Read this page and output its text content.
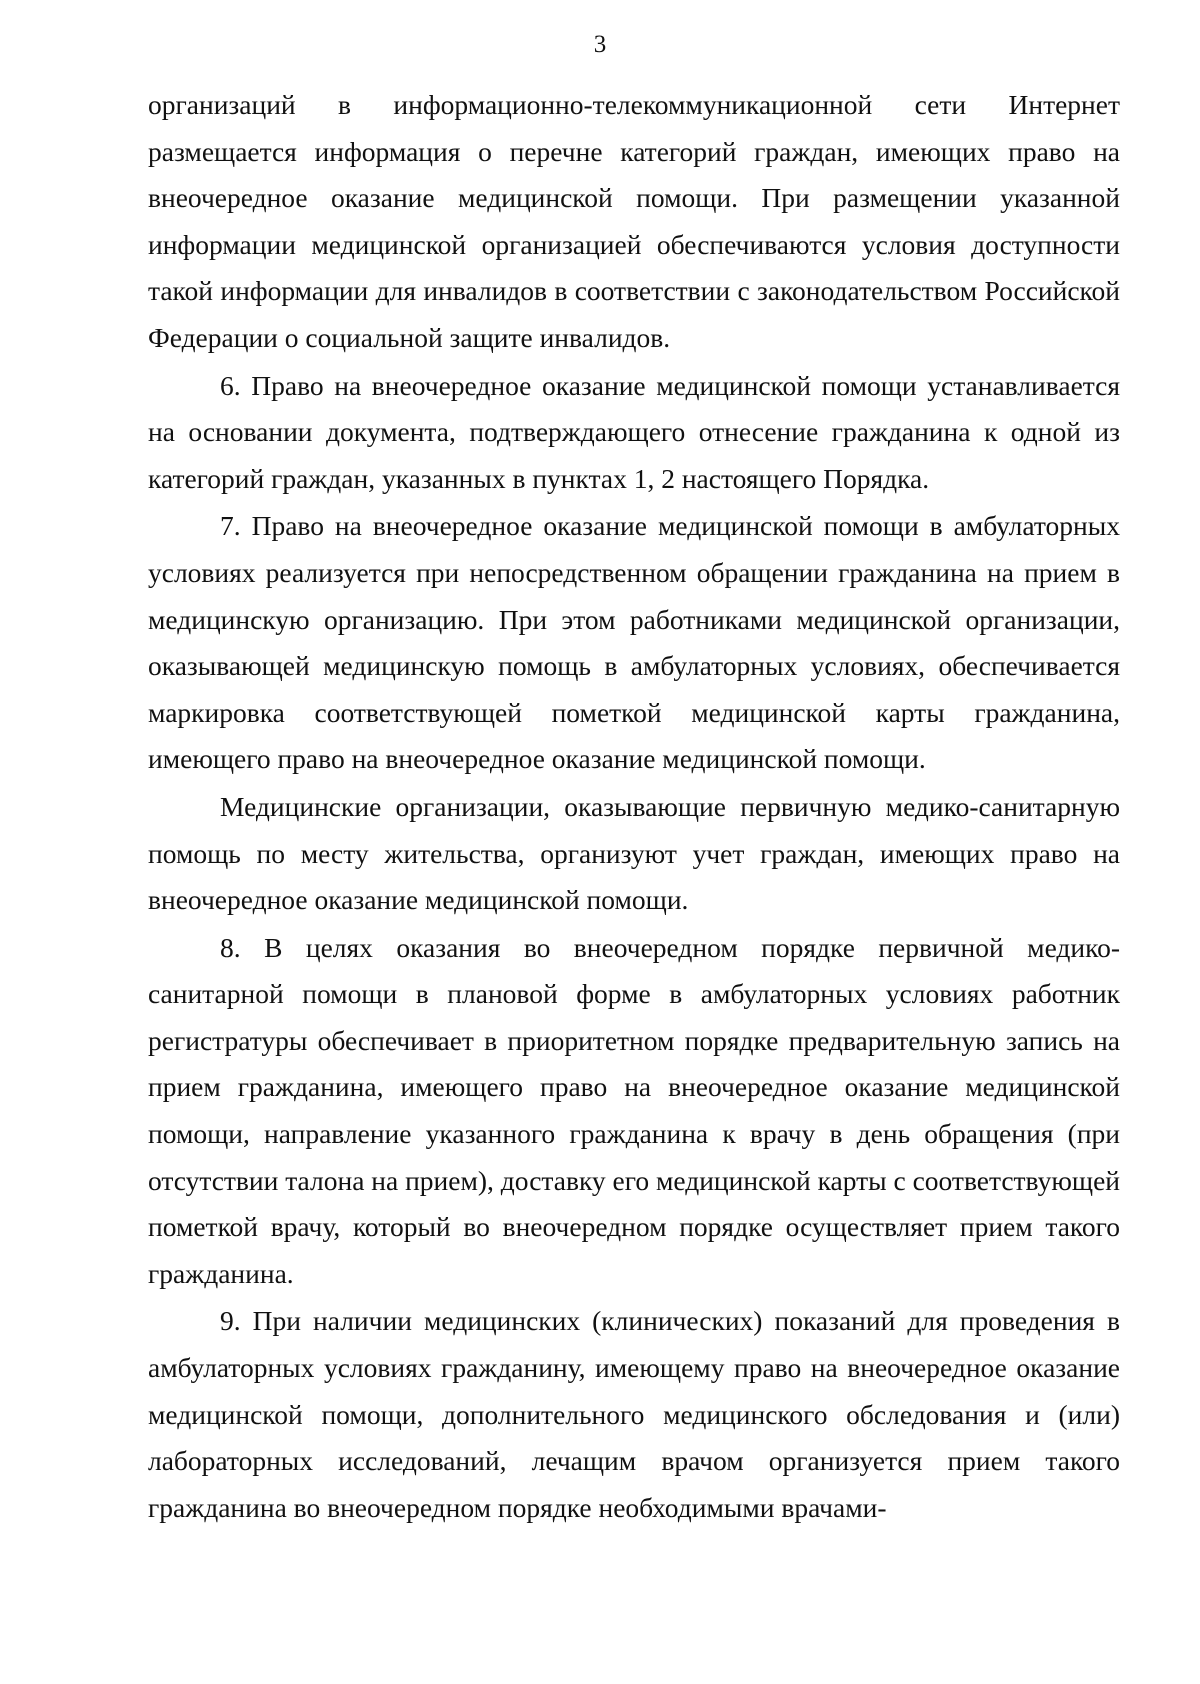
3

организаций в информационно-телекоммуникационной сети Интернет размещается информация о перечне категорий граждан, имеющих право на внеочередное оказание медицинской помощи. При размещении указанной информации медицинской организацией обеспечиваются условия доступности такой информации для инвалидов в соответствии с законодательством Российской Федерации о социальной защите инвалидов.

6. Право на внеочередное оказание медицинской помощи устанавливается на основании документа, подтверждающего отнесение гражданина к одной из категорий граждан, указанных в пунктах 1, 2 настоящего Порядка.

7. Право на внеочередное оказание медицинской помощи в амбулаторных условиях реализуется при непосредственном обращении гражданина на прием в медицинскую организацию. При этом работниками медицинской организации, оказывающей медицинскую помощь в амбулаторных условиях, обеспечивается маркировка соответствующей пометкой медицинской карты гражданина, имеющего право на внеочередное оказание медицинской помощи.

Медицинские организации, оказывающие первичную медико-санитарную помощь по месту жительства, организуют учет граждан, имеющих право на внеочередное оказание медицинской помощи.

8. В целях оказания во внеочередном порядке первичной медико-санитарной помощи в плановой форме в амбулаторных условиях работник регистратуры обеспечивает в приоритетном порядке предварительную запись на прием гражданина, имеющего право на внеочередное оказание медицинской помощи, направление указанного гражданина к врачу в день обращения (при отсутствии талона на прием), доставку его медицинской карты с соответствующей пометкой врачу, который во внеочередном порядке осуществляет прием такого гражданина.

9. При наличии медицинских (клинических) показаний для проведения в амбулаторных условиях гражданину, имеющему право на внеочередное оказание медицинской помощи, дополнительного медицинского обследования и (или) лабораторных исследований, лечащим врачом организуется прием такого гражданина во внеочередном порядке необходимыми врачами-
